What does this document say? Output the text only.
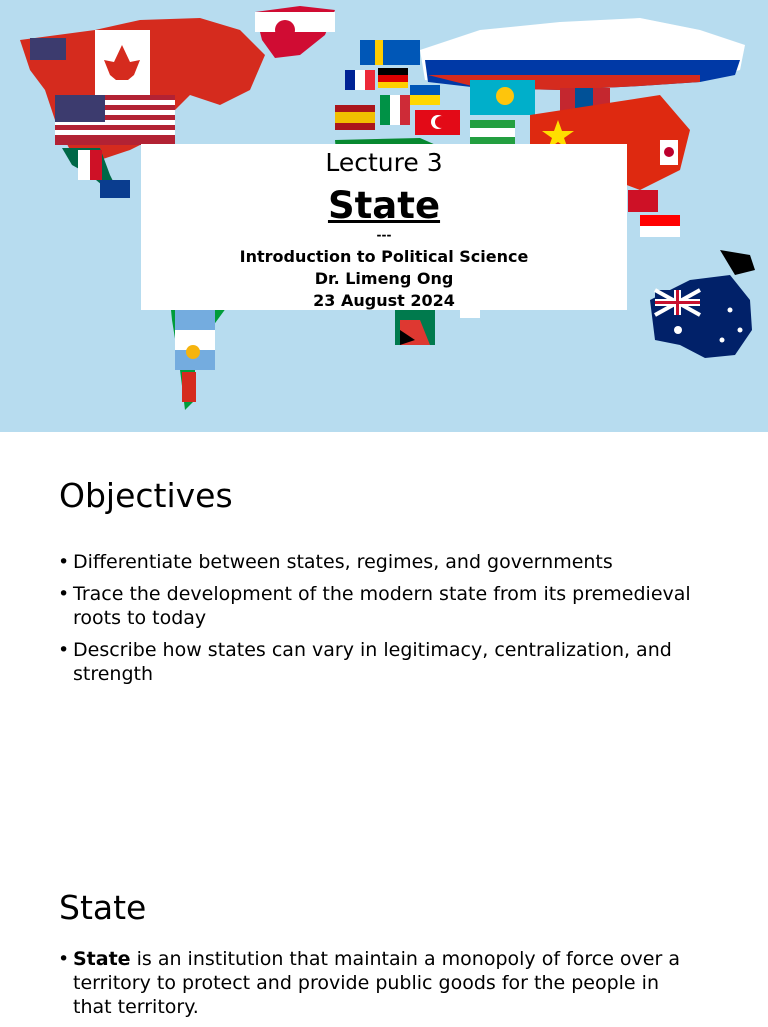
Lecture 3
State
---
Introduction to Political Science
Dr. Limeng Ong
23 August 2024
Objectives
• Differentiate between states, regimes, and governments
• Trace the development of the modern state from its premedieval roots to today
• Describe how states can vary in legitimacy, centralization, and strength
State
• State is an institution that maintain a monopoly of force over a territory to protect and provide public goods for the people in that territory.
